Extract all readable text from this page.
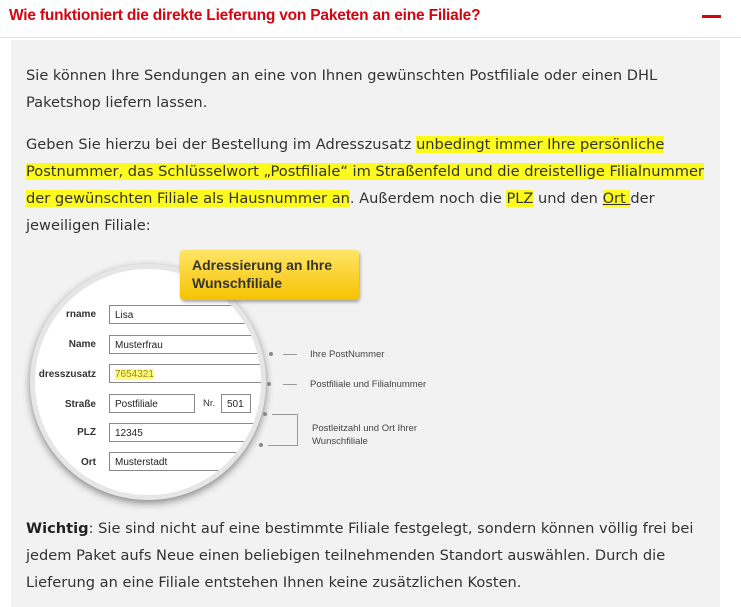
Wie funktioniert die direkte Lieferung von Paketen an eine Filiale?

Sie können Ihre Sendungen an eine von Ihnen gewünschten Postfiliale oder einen DHL Paketshop liefern lassen.

Geben Sie hierzu bei der Bestellung im Adresszusatz unbedingt immer Ihre persönliche Postnummer, das Schlüsselwort „Postfiliale“ im Straßenfeld und die dreistellige Filialnummer der gewünschten Filiale als Hausnummer an. Außerdem noch die PLZ und den Ort der jeweiligen Filiale:

rname	Lisa
Name	Musterfrau
dresszusatz	7654321
Straße	Postfiliale	Nr.	501
PLZ	12345
Ort	Musterstadt
Adressierung an Ihre
Wunschfiliale
Ihre PostNummer
Postfiliale und Filialnummer
Postleitzahl und Ort Ihrer
Wunschfiliale

Wichtig: Sie sind nicht auf eine bestimmte Filiale festgelegt, sondern können völlig frei bei jedem Paket aufs Neue einen beliebigen teilnehmenden Standort auswählen. Durch die Lieferung an eine Filiale entstehen Ihnen keine zusätzlichen Kosten.
